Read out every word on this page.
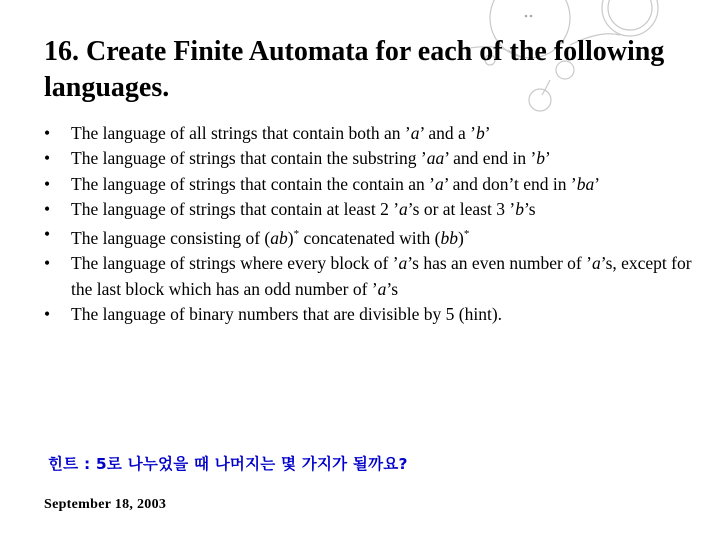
16. Create Finite Automata for each of the following languages.
• The language of all strings that contain both an ’a’ and a ’b’
• The language of strings that contain the substring ’aa’ and end in ’b’
• The language of strings that contain the contain an ’a’ and don’t end in ’ba’
• The language of strings that contain at least 2 ’a’s or at least 3 ’b’s
• The language consisting of (ab)* concatenated with (bb)*
• The language of strings where every block of ’a’s has an even number of ’a’s, except for the last block which has an odd number of ’a’s
• The language of binary numbers that are divisible by 5 (hint).
힌트 : 5로 나누었을 때 나머지는 몇 가지가 될까요?
September 18, 2003
